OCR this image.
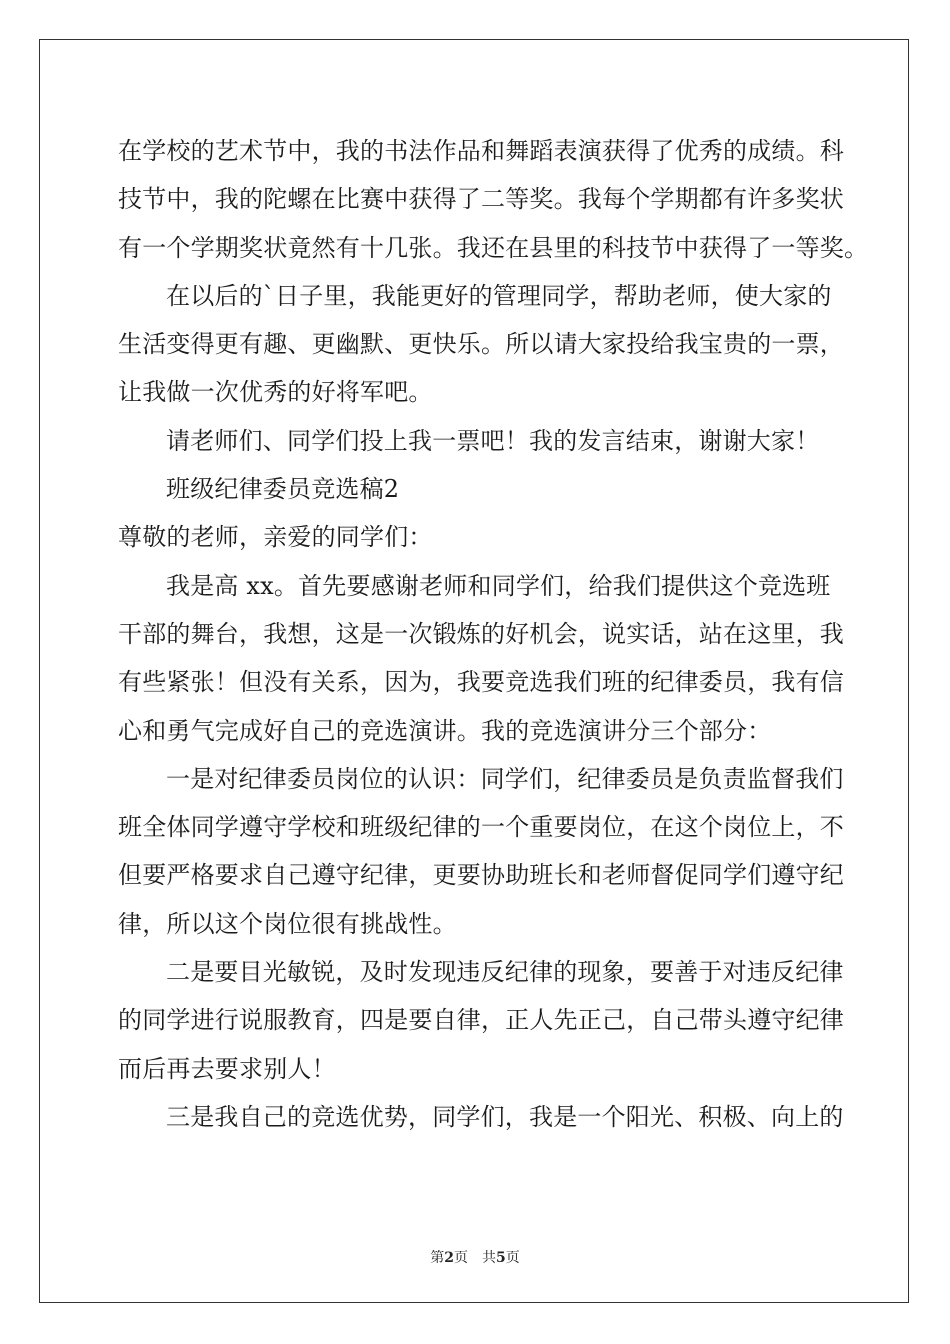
在学校的艺术节中，我的书法作品和舞蹈表演获得了优秀的成绩。科
技节中，我的陀螺在比赛中获得了二等奖。我每个学期都有许多奖状
有一个学期奖状竟然有十几张。我还在县里的科技节中获得了一等奖。
在以后的`日子里，我能更好的管理同学，帮助老师，使大家的
生活变得更有趣、更幽默、更快乐。所以请大家投给我宝贵的一票，
让我做一次优秀的好将军吧。
请老师们、同学们投上我一票吧！我的发言结束，谢谢大家！
班级纪律委员竞选稿2
尊敬的老师，亲爱的同学们：
我是高 xx。首先要感谢老师和同学们，给我们提供这个竞选班
干部的舞台，我想，这是一次锻炼的好机会，说实话，站在这里，我
有些紧张！但没有关系，因为，我要竞选我们班的纪律委员，我有信
心和勇气完成好自己的竞选演讲。我的竞选演讲分三个部分：
一是对纪律委员岗位的认识：同学们，纪律委员是负责监督我们
班全体同学遵守学校和班级纪律的一个重要岗位，在这个岗位上，不
但要严格要求自己遵守纪律，更要协助班长和老师督促同学们遵守纪
律，所以这个岗位很有挑战性。
二是要目光敏锐，及时发现违反纪律的现象，要善于对违反纪律
的同学进行说服教育，四是要自律，正人先正己，自己带头遵守纪律
而后再去要求别人！
三是我自己的竞选优势，同学们，我是一个阳光、积极、向上的
第2页 共5页
